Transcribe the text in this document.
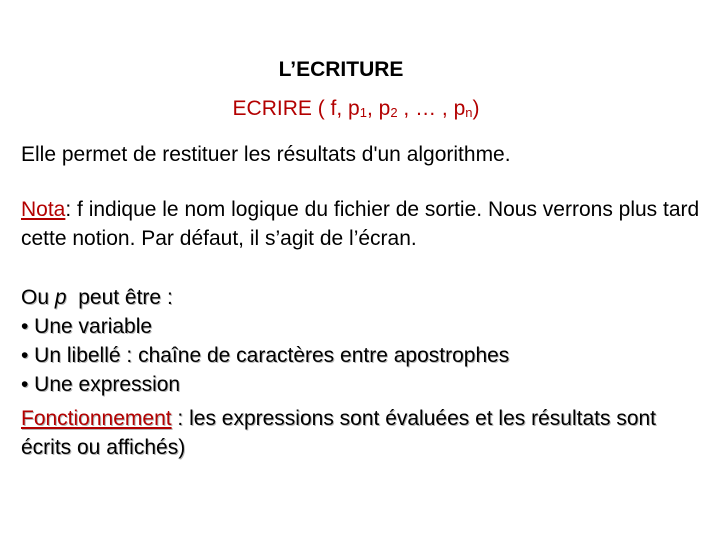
L’ECRITURE
ECRIRE ( f, $p_1$, $p_2$ , … , $p_n$)

Elle permet de restituer les résultats d'un algorithme.

Nota: f indique le nom logique du fichier de sortie. Nous verrons plus tard cette notion. Par défaut, il s’agit de l’écran.

Ou p  peut être :
• Une variable
• Un libellé : chaîne de caractères entre apostrophes
• Une expression

Fonctionnement : les expressions sont évaluées et les résultats sont écrits ou affichés)
